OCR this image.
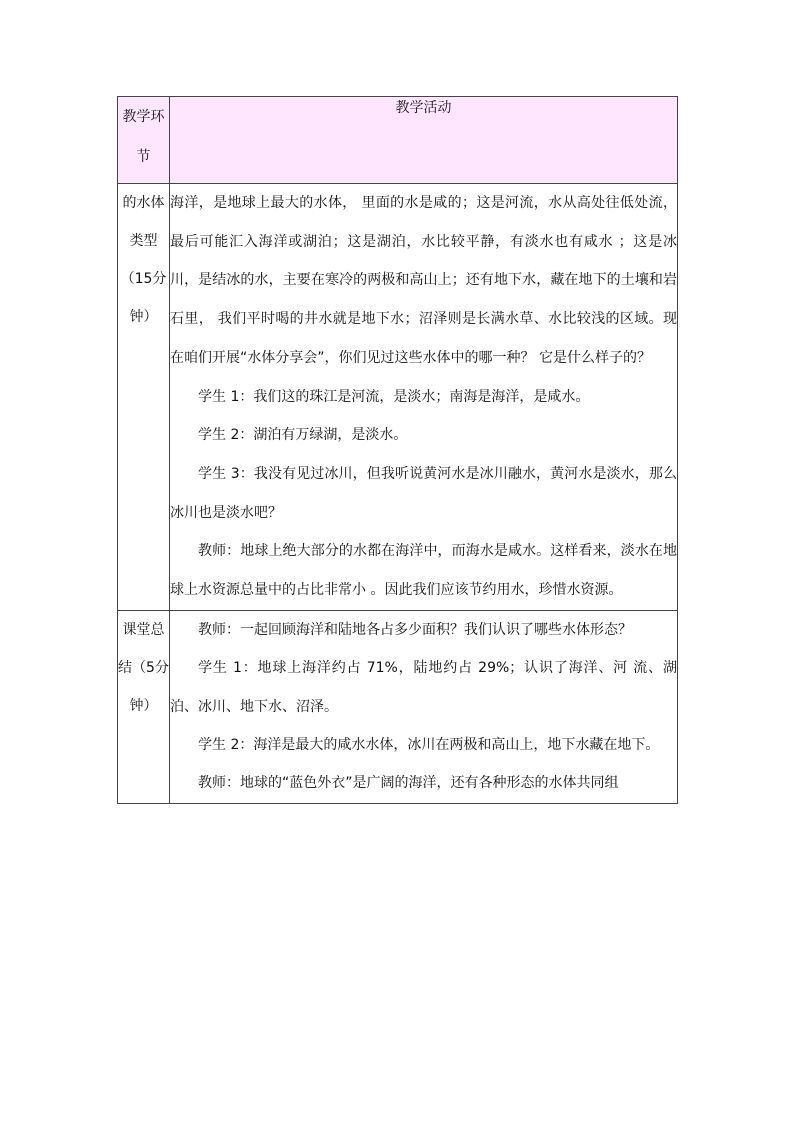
教学环节	教学活动
的水体类型（15分钟）	海洋，是地球上最大的水体， 里面的水是咸的；这是河流，水从高处往低处流，最后可能汇入海洋或湖泊；这是湖泊，水比较平静，有淡水也有咸水 ；这是冰川，是结冰的水，主要在寒冷的两极和高山上；还有地下水，藏在地下的土壤和岩石里， 我们平时喝的井水就是地下水；沼泽则是长满水草、水比较浅的区域。现在咱们开展“水体分享会”，你们见过这些水体中的哪一种？ 它是什么样子的？

学生 1：我们这的珠江是河流，是淡水；南海是海洋，是咸水。

学生 2：湖泊有万绿湖，是淡水。

学生 3：我没有见过冰川，但我听说黄河水是冰川融水，黄河水是淡水，那么冰川也是淡水吧？

教师：地球上绝大部分的水都在海洋中，而海水是咸水。这样看来，淡水在地球上水资源总量中的占比非常小 。因此我们应该节约用水，珍惜水资源。

课堂总结（5分钟）	教师：一起回顾海洋和陆地各占多少面积？我们认识了哪些水体形态？

学生 1：地球上海洋约占 71%，陆地约占 29%；认识了海洋、河 流、湖泊、冰川、地下水、沼泽。

学生 2：海洋是最大的咸水水体，冰川在两极和高山上，地下水藏在地下。

教师：地球的“蓝色外衣”是广阔的海洋，还有各种形态的水体共同组
